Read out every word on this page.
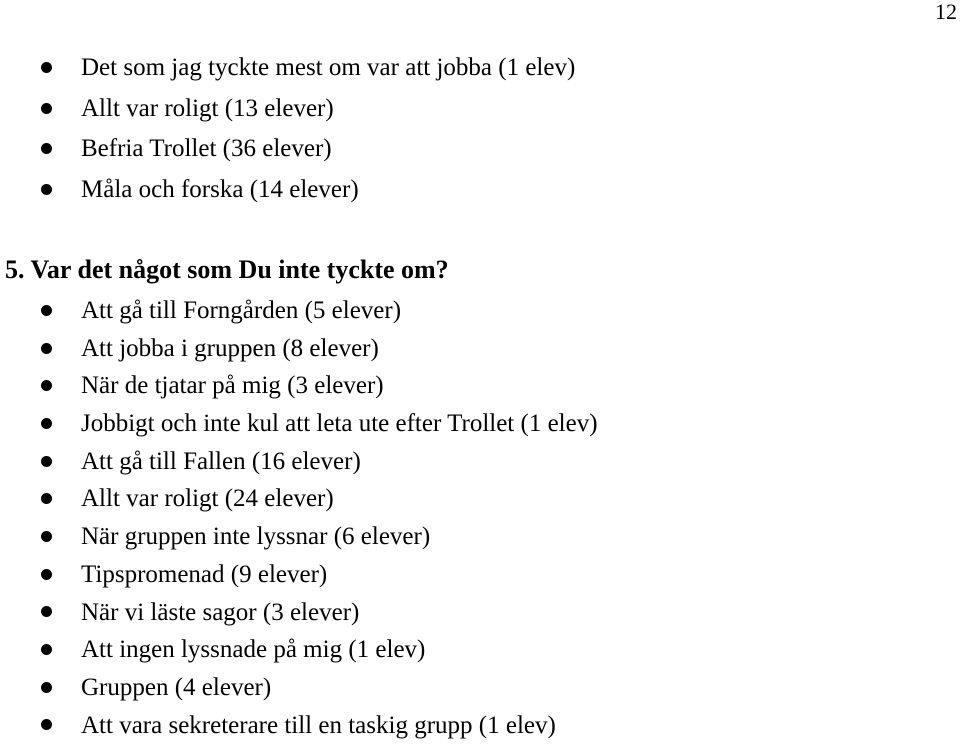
12
Det som jag tyckte mest om var att jobba (1 elev)
Allt var roligt (13 elever)
Befria Trollet (36 elever)
Måla och forska (14 elever)
5. Var det något som Du inte tyckte om?
Att gå till Forngården (5 elever)
Att jobba i gruppen (8 elever)
När de tjatar på mig (3 elever)
Jobbigt och inte kul att leta ute efter Trollet (1 elev)
Att gå till Fallen (16 elever)
Allt var roligt (24 elever)
När gruppen inte lyssnar (6 elever)
Tipspromenad (9 elever)
När vi läste sagor (3 elever)
Att ingen lyssnade på mig (1 elev)
Gruppen (4 elever)
Att vara sekreterare till en taskig grupp (1 elev)
